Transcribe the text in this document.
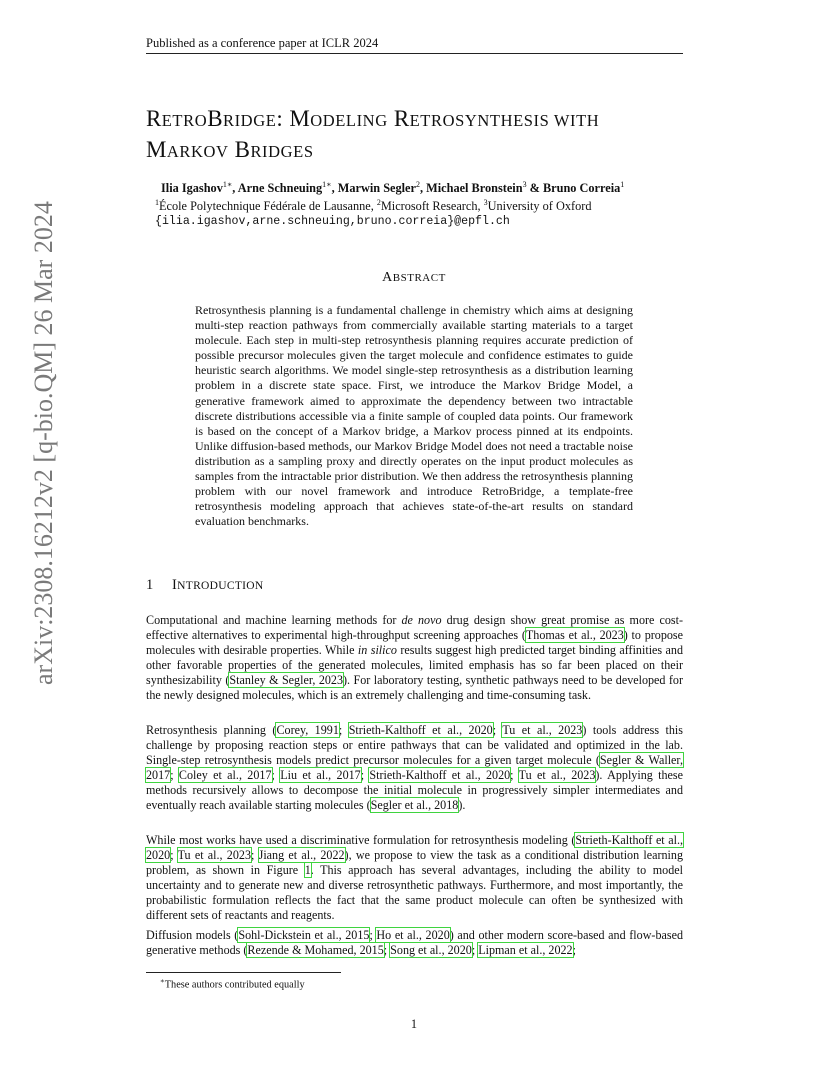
Published as a conference paper at ICLR 2024
arXiv:2308.16212v2 [q-bio.QM] 26 Mar 2024
RETROBRIDGE: MODELING RETROSYNTHESIS WITH
MARKOV BRIDGES
Ilia Igashov$^{1∗}$, Arne Schneuing$^{1∗}$, Marwin Segler$^2$, Michael Bronstein$^3$ & Bruno Correia$^1$
$^1$École Polytechnique Fédérale de Lausanne, $^2$Microsoft Research, $^3$University of Oxford
{ilia.igashov,arne.schneuing,bruno.correia}@epfl.ch
ABSTRACT
Retrosynthesis planning is a fundamental challenge in chemistry which aims at designing multi-step reaction pathways from commercially available starting materials to a target molecule. Each step in multi-step retrosynthesis planning requires accurate prediction of possible precursor molecules given the target molecule and confidence estimates to guide heuristic search algorithms. We model single-step retrosynthesis as a distribution learning problem in a discrete state space. First, we introduce the Markov Bridge Model, a generative framework aimed to approximate the dependency between two intractable discrete distributions accessible via a finite sample of coupled data points. Our framework is based on the concept of a Markov bridge, a Markov process pinned at its endpoints. Unlike diffusion-based methods, our Markov Bridge Model does not need a tractable noise distribution as a sampling proxy and directly operates on the input product molecules as samples from the intractable prior distribution. We then address the retrosynthesis planning problem with our novel framework and introduce RetroBridge, a template-free retrosynthesis modeling approach that achieves state-of-the-art results on standard evaluation benchmarks.
1 INTRODUCTION
Computational and machine learning methods for de novo drug design show great promise as more cost-effective alternatives to experimental high-throughput screening approaches (Thomas et al., 2023) to propose molecules with desirable properties. While in silico results suggest high predicted target binding affinities and other favorable properties of the generated molecules, limited emphasis has so far been placed on their synthesizability (Stanley & Segler, 2023). For laboratory testing, synthetic pathways need to be developed for the newly designed molecules, which is an extremely challenging and time-consuming task.
Retrosynthesis planning (Corey, 1991; Strieth-Kalthoff et al., 2020; Tu et al., 2023) tools address this challenge by proposing reaction steps or entire pathways that can be validated and optimized in the lab. Single-step retrosynthesis models predict precursor molecules for a given target molecule (Segler & Waller, 2017; Coley et al., 2017; Liu et al., 2017; Strieth-Kalthoff et al., 2020; Tu et al., 2023). Applying these methods recursively allows to decompose the initial molecule in progressively simpler intermediates and eventually reach available starting molecules (Segler et al., 2018).
While most works have used a discriminative formulation for retrosynthesis modeling (Strieth-Kalthoff et al., 2020; Tu et al., 2023; Jiang et al., 2022), we propose to view the task as a conditional distribution learning problem, as shown in Figure 1. This approach has several advantages, including the ability to model uncertainty and to generate new and diverse retrosynthetic pathways. Furthermore, and most importantly, the probabilistic formulation reflects the fact that the same product molecule can often be synthesized with different sets of reactants and reagents.
Diffusion models (Sohl-Dickstein et al., 2015; Ho et al., 2020) and other modern score-based and flow-based generative methods (Rezende & Mohamed, 2015; Song et al., 2020; Lipman et al., 2022;
∗These authors contributed equally
1
